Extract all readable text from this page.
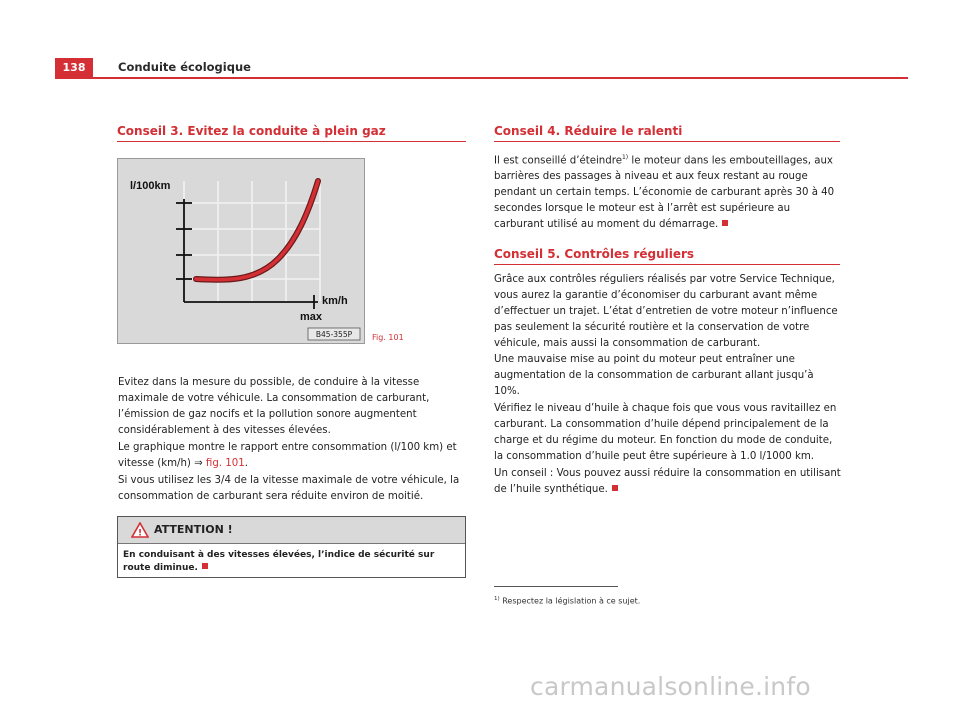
138	Conduite écologique
Conseil 3. Evitez la conduite à plein gaz
l/100km
km/h
max
B45-355P Fig. 101

Evitez dans la mesure du possible, de conduire à la vitesse maximale de votre véhicule. La consommation de carburant, l’émission de gaz nocifs et la pollution sonore augmentent considérablement à des vitesses élevées.

Le graphique montre le rapport entre consommation (l/100 km) et vitesse (km/h) ⇒ fig. 101.

Si vous utilisez les 3/4 de la vitesse maximale de votre véhicule, la consommation de carburant sera réduite environ de moitié.

! ATTENTION !
En conduisant à des vitesses élevées, l’indice de sécurité sur route diminue.
Conseil 4. Réduire le ralenti

Il est conseillé d’éteindre$^{1)}$ le moteur dans les embouteillages, aux barrières des passages à niveau et aux feux restant au rouge pendant un certain temps. L’économie de carburant après 30 à 40 secondes lorsque le moteur est à l’arrêt est supérieure au carburant utilisé au moment du démarrage.

Conseil 5. Contrôles réguliers

Grâce aux contrôles réguliers réalisés par votre Service Technique, vous aurez la garantie d’économiser du carburant avant même d’effectuer un trajet. L’état d’entretien de votre moteur n’influence pas seulement la sécurité routière et la conservation de votre véhicule, mais aussi la consommation de carburant.

Une mauvaise mise au point du moteur peut entraîner une augmentation de la consommation de carburant allant jusqu’à 10%.

Vérifiez le niveau d’huile à chaque fois que vous vous ravitaillez en carburant. La consommation d’huile dépend principalement de la charge et du régime du moteur. En fonction du mode de conduite, la consommation d’huile peut être supérieure à 1.0 l/1000 km.

Un conseil : Vous pouvez aussi réduire la consommation en utilisant de l’huile synthétique.

$^{1)}$ Respectez la législation à ce sujet.
carmanualsonline.info
